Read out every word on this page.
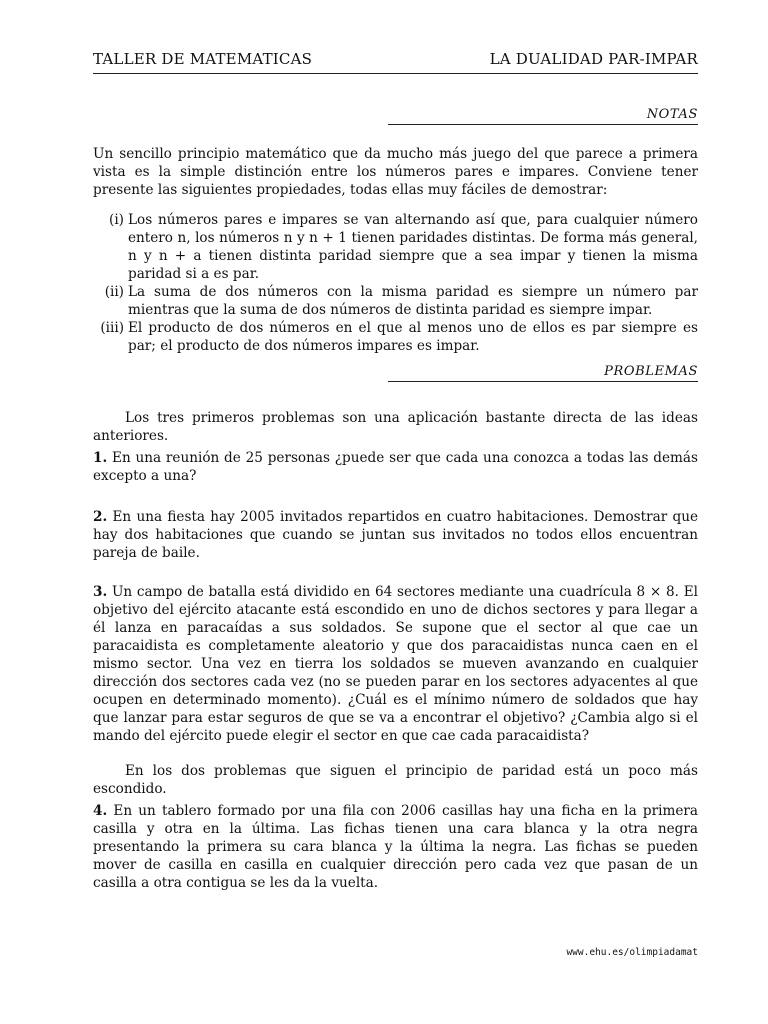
TALLER DE MATEMATICAS	LA DUALIDAD PAR-IMPAR
NOTAS
Un sencillo principio matemático que da mucho más juego del que parece a primera vista es la simple distinción entre los números pares e impares. Conviene tener presente las siguientes propiedades, todas ellas muy fáciles de demostrar:
(i) Los números pares e impares se van alternando así que, para cualquier número entero n, los números n y n + 1 tienen paridades distintas. De forma más general, n y n + a tienen distinta paridad siempre que a sea impar y tienen la misma paridad si a es par.
(ii) La suma de dos números con la misma paridad es siempre un número par mientras que la suma de dos números de distinta paridad es siempre impar.
(iii) El producto de dos números en el que al menos uno de ellos es par siempre es par; el producto de dos números impares es impar.
PROBLEMAS
Los tres primeros problemas son una aplicación bastante directa de las ideas anteriores.
1. En una reunión de 25 personas ¿puede ser que cada una conozca a todas las demás excepto a una?
2. En una fiesta hay 2005 invitados repartidos en cuatro habitaciones. Demostrar que hay dos habitaciones que cuando se juntan sus invitados no todos ellos encuentran pareja de baile.
3. Un campo de batalla está dividido en 64 sectores mediante una cuadrícula 8 × 8. El objetivo del ejército atacante está escondido en uno de dichos sectores y para llegar a él lanza en paracaídas a sus soldados. Se supone que el sector al que cae un paracaidista es completamente aleatorio y que dos paracaidistas nunca caen en el mismo sector. Una vez en tierra los soldados se mueven avanzando en cualquier dirección dos sectores cada vez (no se pueden parar en los sectores adyacentes al que ocupen en determinado momento). ¿Cuál es el mínimo número de soldados que hay que lanzar para estar seguros de que se va a encontrar el objetivo? ¿Cambia algo si el mando del ejército puede elegir el sector en que cae cada paracaidista?
En los dos problemas que siguen el principio de paridad está un poco más escondido.
4. En un tablero formado por una fila con 2006 casillas hay una ficha en la primera casilla y otra en la última. Las fichas tienen una cara blanca y la otra negra presentando la primera su cara blanca y la última la negra. Las fichas se pueden mover de casilla en casilla en cualquier dirección pero cada vez que pasan de un casilla a otra contigua se les da la vuelta.
www.ehu.es/olimpiadamat
